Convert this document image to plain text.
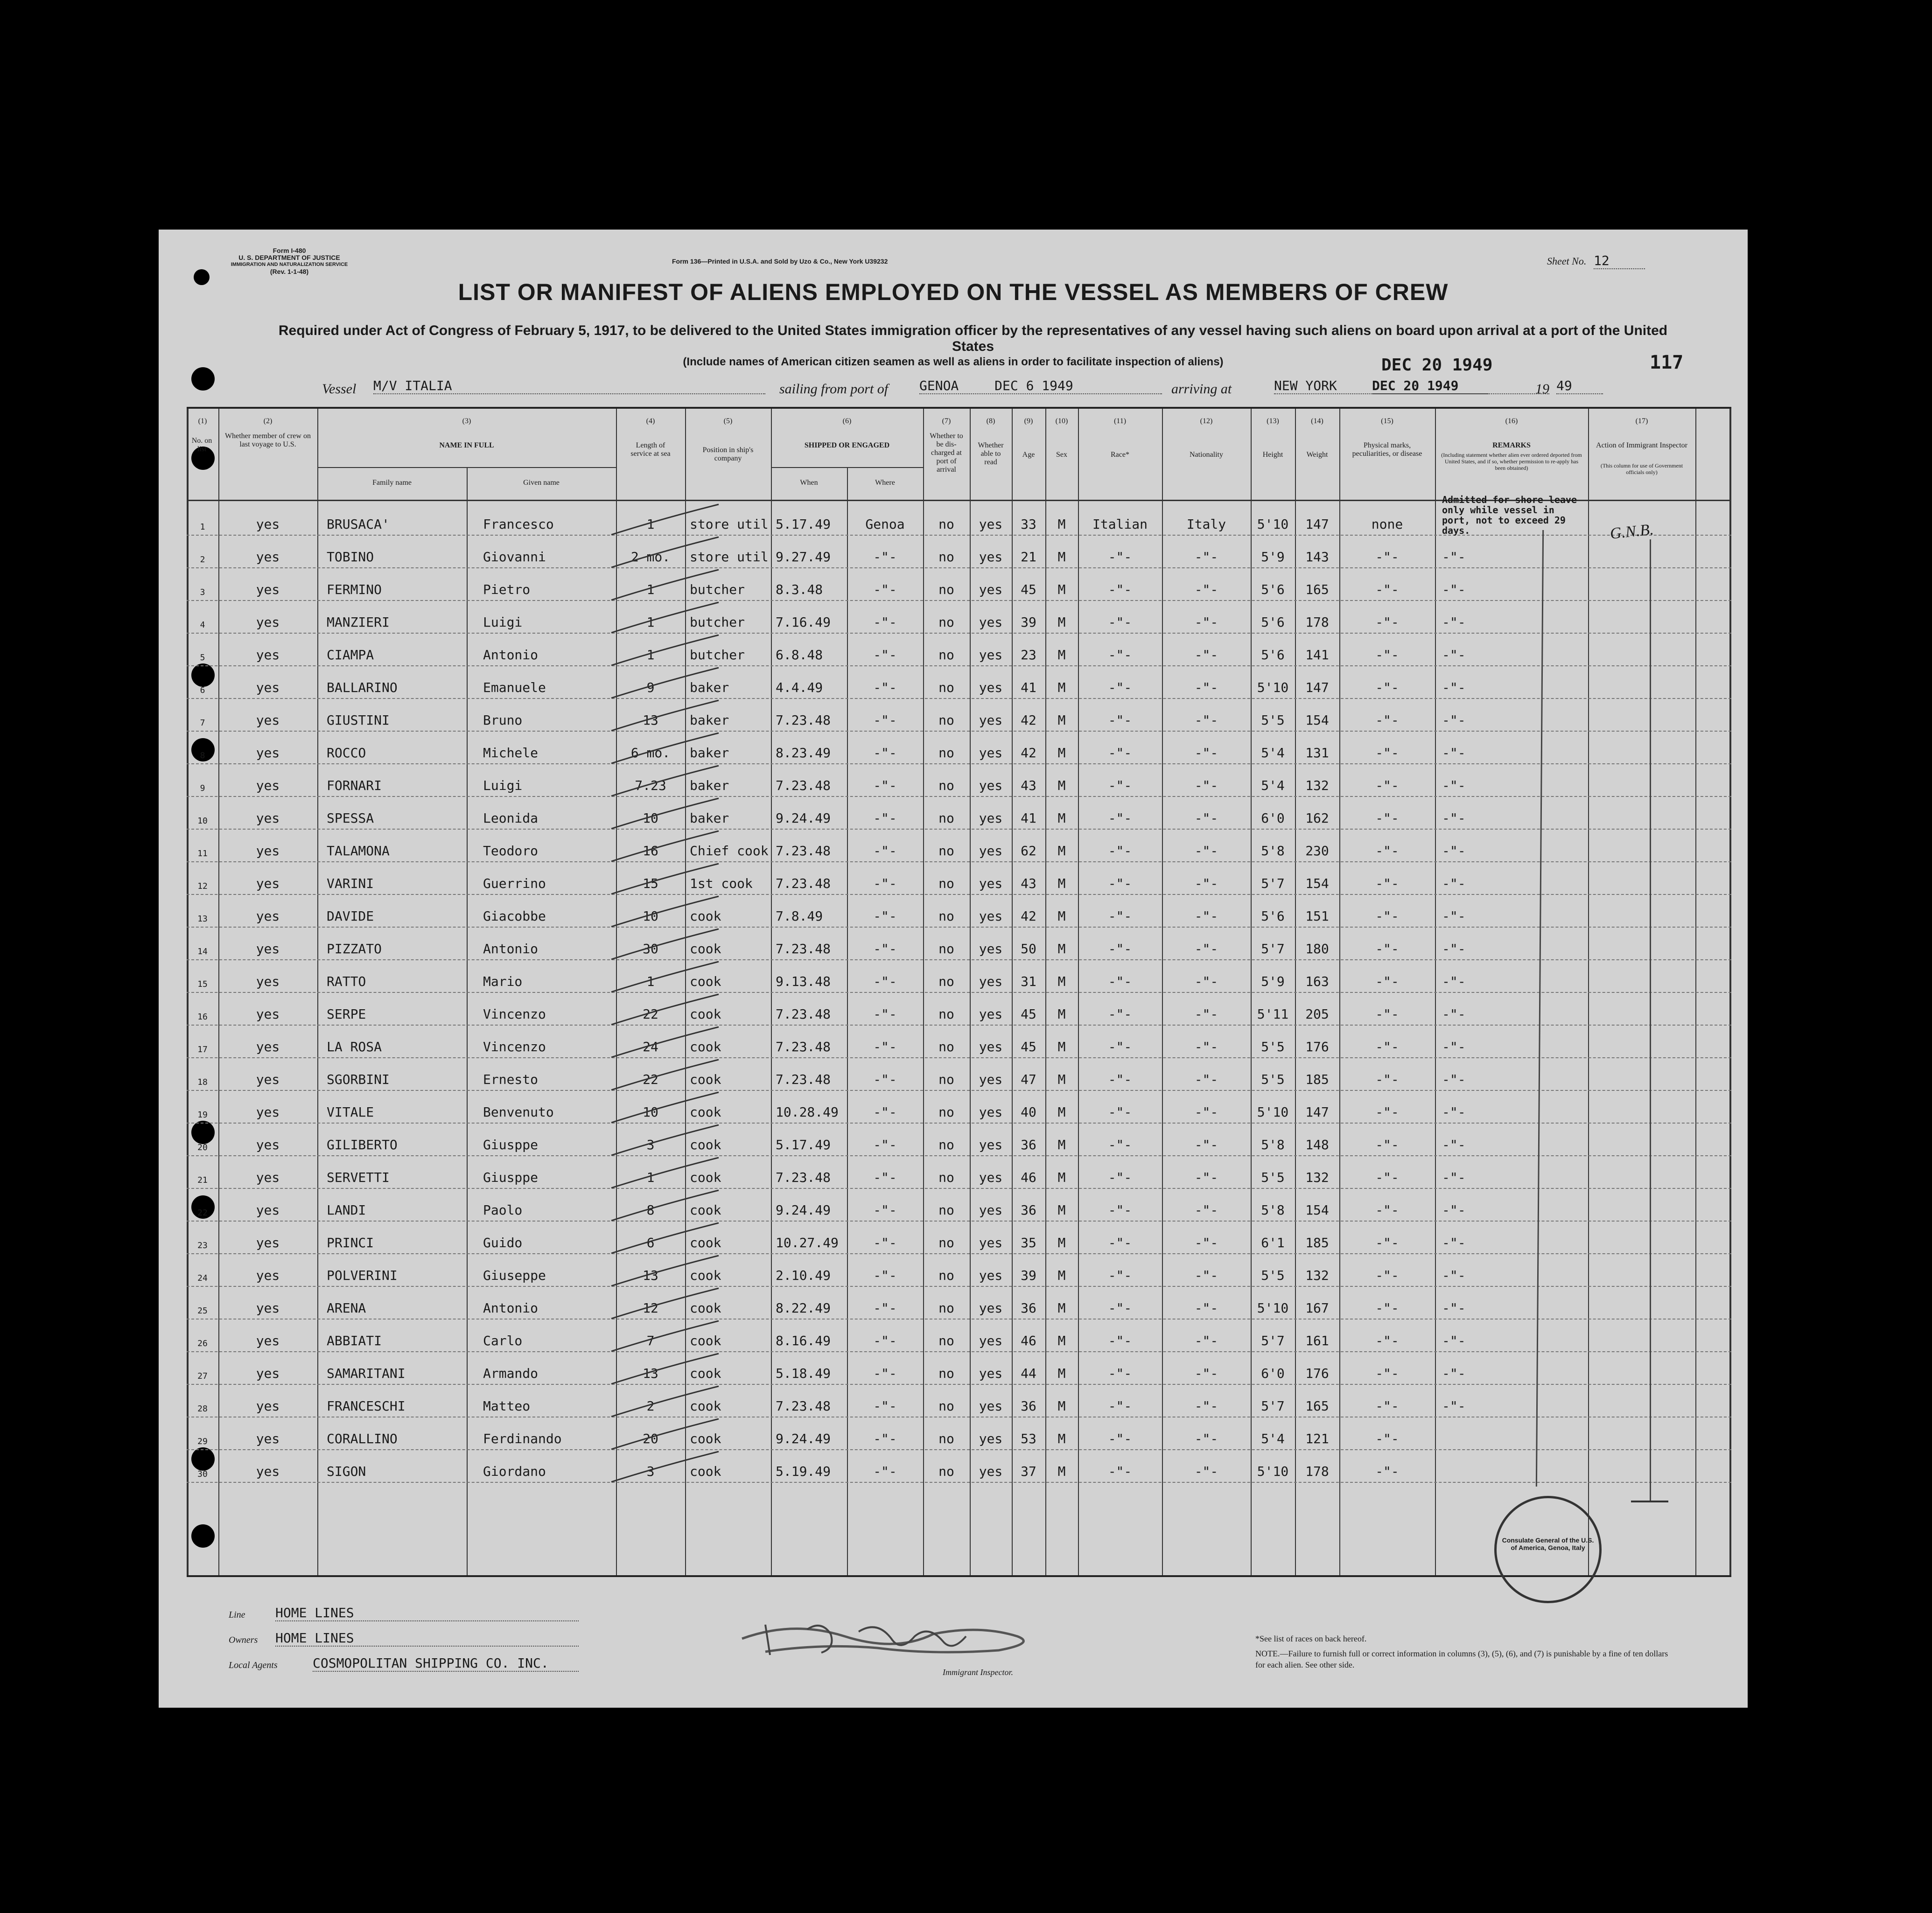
Form I-480
U. S. DEPARTMENT OF JUSTICE
IMMIGRATION AND NATURALIZATION SERVICE
(Rev. 1-1-48)
Form 136—Printed in U.S.A. and Sold by Uzo & Co., New York U39232	Sheet No. 12
LIST OR MANIFEST OF ALIENS EMPLOYED ON THE VESSEL AS MEMBERS OF CREW
Required under Act of Congress of February 5, 1917, to be delivered to the United States immigration officer by the representatives of any vessel having such aliens on board upon arrival at a port of the United States
(Include names of American citizen seamen as well as aliens in order to facilitate inspection of aliens)	DEC 20 1949	117
Vessel M/V ITALIA	sailing from port of GENOA	DEC 6 1949	arriving at	NEW YORK	DEC 20 1949	19 49
No. on list
Whether member of crew on last voyage to U.S.	NAME IN FULL
Family name	Given name
Length of service at sea	Position in ship's company
SHIPPED OR ENGAGED
When	Where
Whether to be dis- charged at port of arrival
Whether able to read
Age	Sex	Race*	Nationality	Height	Weight
Physical marks, peculiarities, or disease
REMARKS
(Including statement whether alien ever ordered deported from United States, and if so, whether permission to re-apply has been obtained)
Action of Immigrant Inspector
(This column for use of Government officials only)
(1)	(2)	(3)	(4)	(5)	(6)	(7)	(8)	(9)	(10)	(11)	(12)	(13)	(14)	(15)	(16)	(17)
1	yes	BRUSACA'	Francesco	1	store util 5.17.49	Genoa	no	yes	33	M	Italian	Italy	5'10	147	none
Admitted for shore leave only while vessel in port, not to exceed 29 days.
2	yes	TOBINO	Giovanni	2 mo.	store util 9.27.49	-"-	no	yes	21	M	-"-	-"-	5'9	143	-"-	-"-
3	yes	FERMINO	Pietro	1	butcher	8.3.48	-"-	no	yes	45	M	-"-	-"-	5'6	165	-"-	-"-
4	yes	MANZIERI	Luigi	1	butcher	7.16.49	-"-	no	yes	39	M	-"-	-"-	5'6	178	-"-	-"-
5	yes	CIAMPA	Antonio	1	butcher	6.8.48	-"-	no	yes	23	M	-"-	-"-	5'6	141	-"-	-"-
6	yes	BALLARINO	Emanuele	9	baker	4.4.49	-"-	no	yes	41	M	-"-	-"-	5'10	147	-"-	-"-
7	yes	GIUSTINI	Bruno	13	baker	7.23.48	-"-	no	yes	42	M	-"-	-"-	5'5	154	-"-	-"-
8	yes	ROCCO	Michele	6 mo.	baker	8.23.49	-"-	no	yes	42	M	-"-	-"-	5'4	131	-"-	-"-
9	yes	FORNARI	Luigi	7.23	baker	7.23.48	-"-	no	yes	43	M	-"-	-"-	5'4	132	-"-	-"-
10	yes	SPESSA	Leonida	10	baker	9.24.49	-"-	no	yes	41	M	-"-	-"-	6'0	162	-"-	-"-
11	yes	TALAMONA	Teodoro	16	Chief cook 7.23.48	-"-	no	yes	62	M	-"-	-"-	5'8	230	-"-	-"-
12	yes	VARINI	Guerrino	15	1st cook	7.23.48	-"-	no	yes	43	M	-"-	-"-	5'7	154	-"-	-"-
13	yes	DAVIDE	Giacobbe	10	cook	7.8.49	-"-	no	yes	42	M	-"-	-"-	5'6	151	-"-	-"-
14	yes	PIZZATO	Antonio	30	cook	7.23.48	-"-	no	yes	50	M	-"-	-"-	5'7	180	-"-	-"-
15	yes	RATTO	Mario	1	cook	9.13.48	-"-	no	yes	31	M	-"-	-"-	5'9	163	-"-	-"-
16	yes	SERPE	Vincenzo	22	cook	7.23.48	-"-	no	yes	45	M	-"-	-"-	5'11	205	-"-	-"-
17	yes	LA ROSA	Vincenzo	24	cook	7.23.48	-"-	no	yes	45	M	-"-	-"-	5'5	176	-"-	-"-
18	yes	SGORBINI	Ernesto	22	cook	7.23.48	-"-	no	yes	47	M	-"-	-"-	5'5	185	-"-	-"-
19	yes	VITALE	Benvenuto	10	cook	10.28.49	-"-	no	yes	40	M	-"-	-"-	5'10	147	-"-	-"-
20	yes	GILIBERTO	Giusppe	3	cook	5.17.49	-"-	no	yes	36	M	-"-	-"-	5'8	148	-"-	-"-
21	yes	SERVETTI	Giusppe	1	cook	7.23.48	-"-	no	yes	46	M	-"-	-"-	5'5	132	-"-	-"-
22	yes	LANDI	Paolo	8	cook	9.24.49	-"-	no	yes	36	M	-"-	-"-	5'8	154	-"-	-"-
23	yes	PRINCI	Guido	6	cook	10.27.49	-"-	no	yes	35	M	-"-	-"-	6'1	185	-"-	-"-
24	yes	POLVERINI	Giuseppe	13	cook	2.10.49	-"-	no	yes	39	M	-"-	-"-	5'5	132	-"-	-"-
25	yes	ARENA	Antonio	12	cook	8.22.49	-"-	no	yes	36	M	-"-	-"-	5'10	167	-"-	-"-
26	yes	ABBIATI	Carlo	7	cook	8.16.49	-"-	no	yes	46	M	-"-	-"-	5'7	161	-"-	-"-
27	yes	SAMARITANI	Armando	13	cook	5.18.49	-"-	no	yes	44	M	-"-	-"-	6'0	176	-"-	-"-
28	yes	FRANCESCHI	Matteo	2	cook	7.23.48	-"-	no	yes	36	M	-"-	-"-	5'7	165	-"-	-"-
29	yes	CORALLINO	Ferdinando	20	cook	9.24.49	-"-	no	yes	53	M	-"-	-"-	5'4	121	-"-
30	yes	SIGON	Giordano	3	cook	5.19.49	-"-	no	yes	37	M	-"-	-"-	5'10	178	-"-
G.N.B.
Consulate General of the U.S. of America, Genoa, Italy
Line HOME LINES
Owners HOME LINES
Local Agents	COSMOPOLITAN SHIPPING CO. INC.
Immigrant Inspector.
*See list of races on back hereof.
NOTE.—Failure to furnish full or correct information in columns (3), (5), (6), and (7) is punishable by a fine of ten dollars for each alien. See other side.
